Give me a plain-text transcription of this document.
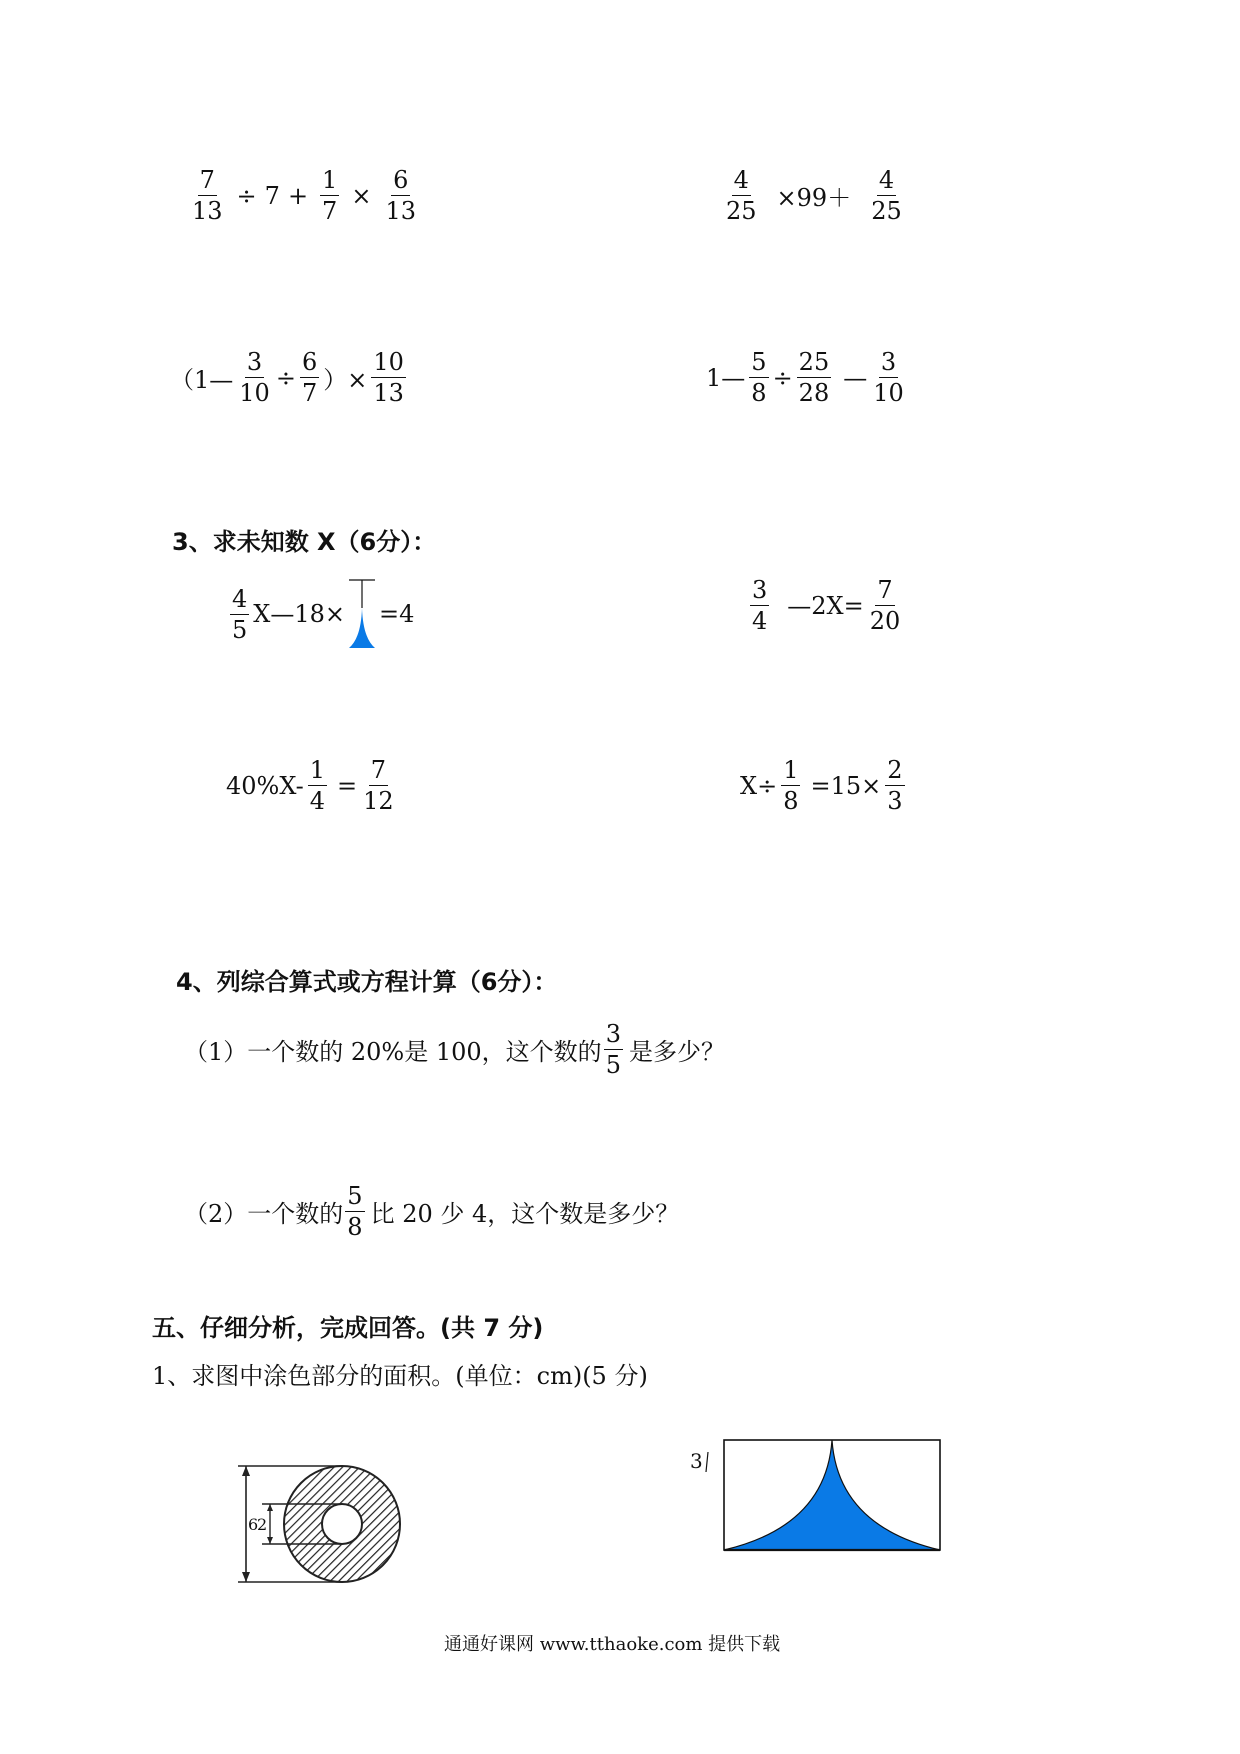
$\frac{7}{13} \div 7 + \frac{1}{7} \times \frac{6}{13}$	$\frac{4}{25} \times 99+ \frac{4}{25}$
（1— $\frac{3}{10} \div \frac{6}{7}$ ）× $\frac{10}{13}$	1— $\frac{5}{8} \div \frac{25}{28}$ — $\frac{3}{10}$
3、求未知数 X（6分）：
$\frac{4}{5}$ X—18× =4	$\frac{3}{4}$ —2X= $\frac{7}{20}$
$40\%X- \frac{1}{4} = \frac{7}{12}$	$X\div \frac{1}{8} =15\times \frac{2}{3}$
4、列综合算式或方程计算（6分）：
（1）一个数的 20%是 100，这个数的 $\frac{3}{5}$ 是多少？
（2）一个数的 $\frac{5}{8}$ 比 20 少 4，这个数是多少？
五、仔细分析，完成回答。(共 7 分)
1、求图中涂色部分的面积。(单位：cm)(5 分)
6
2
3
通通好课网 www.tthaoke.com 提供下载
